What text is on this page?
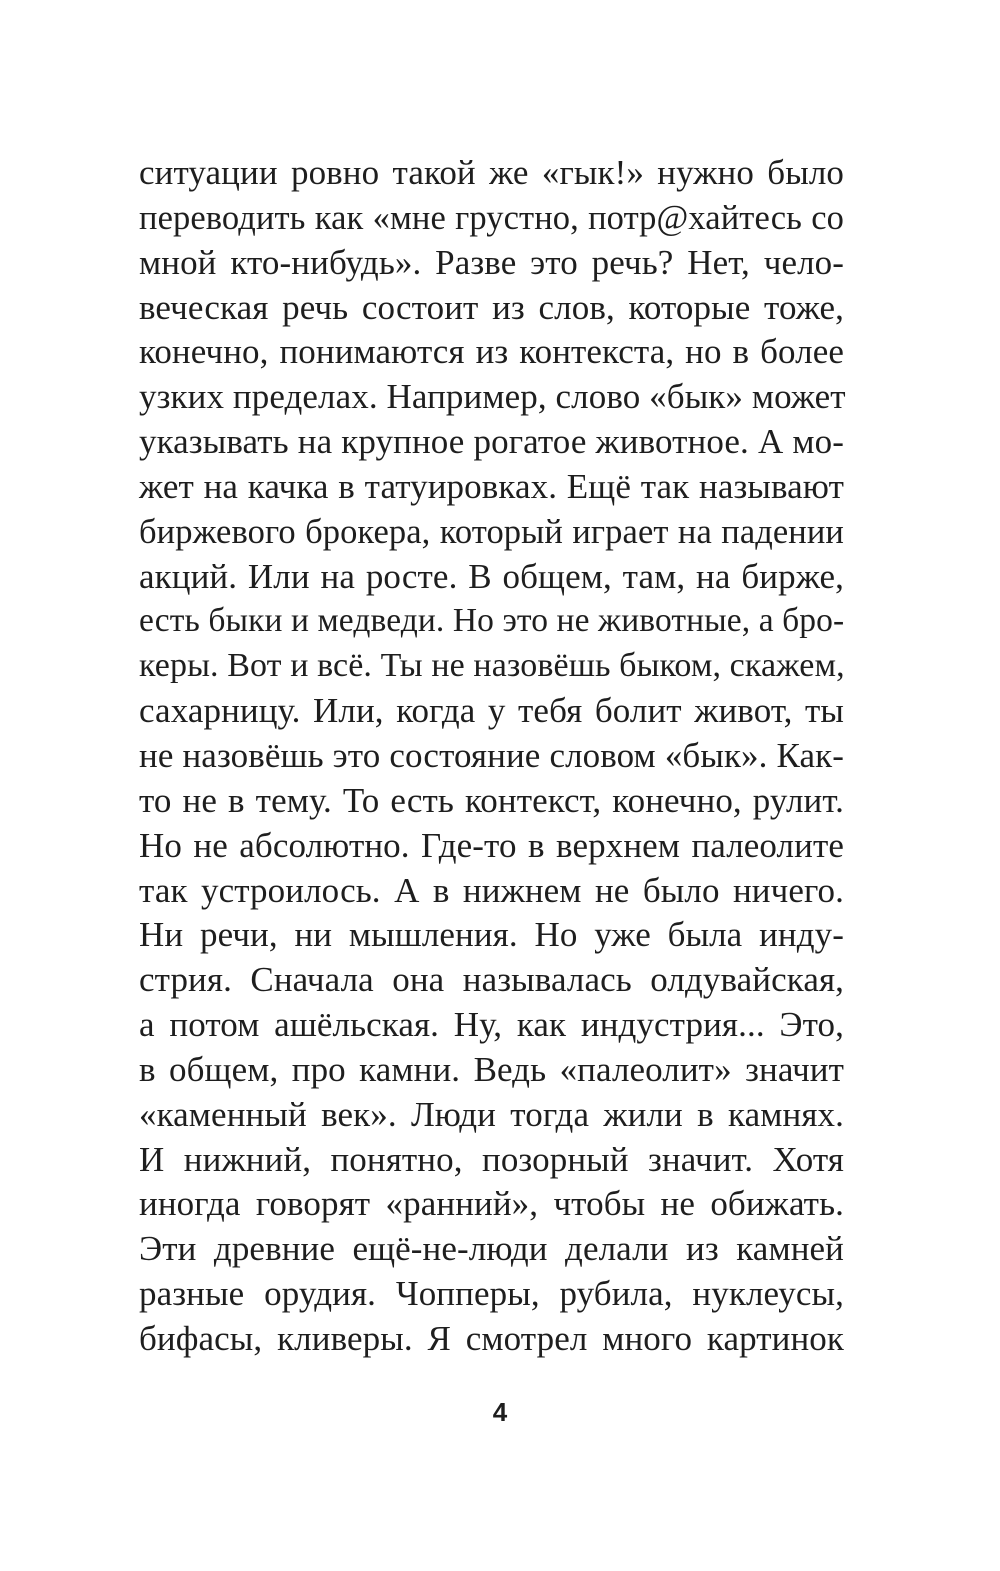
ситуации ровно такой же «гык!» нужно было
переводить как «мне грустно, потр@хайтесь со
мной кто-нибудь». Разве это речь? Нет, чело-
веческая речь состоит из слов, которые тоже,
конечно, понимаются из контекста, но в более
узких пределах. Например, слово «бык» может
указывать на крупное рогатое животное. А мо-
жет на качка в татуировках. Ещё так называют
биржевого брокера, который играет на падении
акций. Или на росте. В общем, там, на бирже,
есть быки и медведи. Но это не животные, а бро-
керы. Вот и всё. Ты не назовёшь быком, скажем,
сахарницу. Или, когда у тебя болит живот, ты
не назовёшь это состояние словом «бык». Как-
то не в тему. То есть контекст, конечно, рулит.
Но не абсолютно. Где-то в верхнем палеолите
так устроилось. А в нижнем не было ничего.
Ни речи, ни мышления. Но уже была инду-
стрия. Сначала она называлась олдувайская,
а потом ашёльская. Ну, как индустрия... Это,
в общем, про камни. Ведь «палеолит» значит
«каменный век». Люди тогда жили в камнях.
И нижний, понятно, позорный значит. Хотя
иногда говорят «ранний», чтобы не обижать.
Эти древние ещё-не-люди делали из камней
разные орудия. Чопперы, рубила, нуклеусы,
бифасы, кливеры. Я смотрел много картинок
4
